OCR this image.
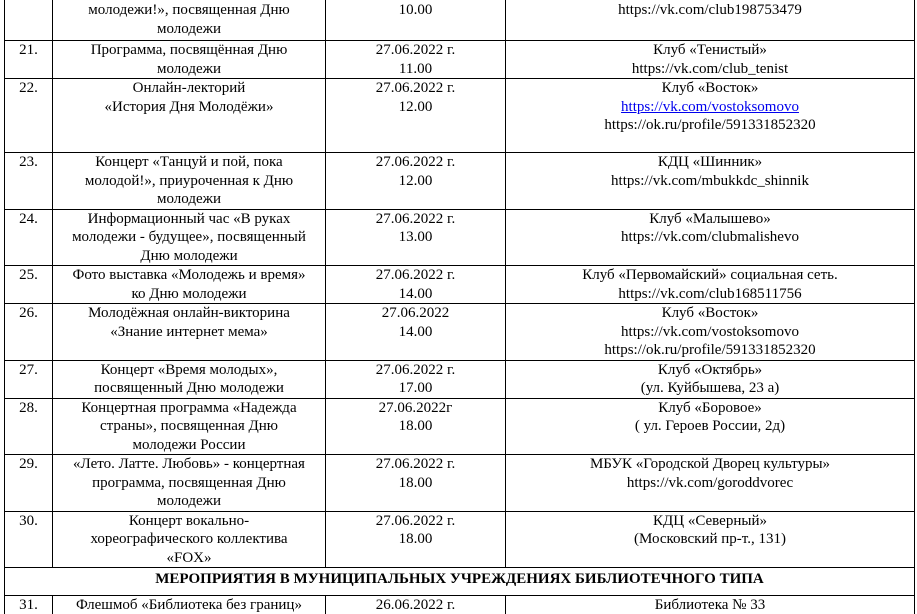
	молодежи!», посвященная Дню
молодежи	10.00	https://vk.com/club198753479

21.	Программа, посвящённая Дню
молодежи	27.06.2022 г.
11.00	Клуб «Тенистый»
https://vk.com/club_tenist

22.	Онлайн-лекторий
«История Дня Молодёжи»	27.06.2022 г.
12.00	Клуб «Восток»
https://vk.com/vostoksomovo
https://ok.ru/profile/591331852320

23.	Концерт «Танцуй и пой, пока
молодой!», приуроченная к Дню
молодежи	27.06.2022 г.
12.00	КДЦ «Шинник»
https://vk.com/mbukkdc_shinnik

24.	Информационный час «В руках
молодежи - будущее», посвященный
Дню молодежи	27.06.2022 г.
13.00	Клуб «Малышево»
https://vk.com/clubmalishevo

25.	Фото выставка «Молодежь и время»
ко Дню молодежи	27.06.2022 г.
14.00	Клуб «Первомайский» социальная сеть.
https://vk.com/club168511756

26.	Молодёжная онлайн-викторина
«Знание интернет мема»	27.06.2022
14.00	Клуб «Восток»
https://vk.com/vostoksomovo
https://ok.ru/profile/591331852320

27.	Концерт «Время молодых»,
посвященный Дню молодежи	27.06.2022 г.
17.00	Клуб «Октябрь»
(ул. Куйбышева, 23 а)

28.	Концертная программа «Надежда
страны», посвященная Дню
молодежи России	27.06.2022г
18.00	Клуб «Боровое»
( ул. Героев России, 2д)

29.	«Лето. Латте. Любовь» - концертная
программа, посвященная Дню
молодежи	27.06.2022 г.
18.00	МБУК «Городской Дворец культуры»
https://vk.com/goroddvorec

30.	Концерт вокально-
хореографического коллектива
«FOX»	27.06.2022 г.
18.00	КДЦ «Северный»
(Московский пр-т., 131)

МЕРОПРИЯТИЯ В МУНИЦИПАЛЬНЫХ УЧРЕЖДЕНИЯХ БИБЛИОТЕЧНОГО ТИПА			
31.	Флешмоб «Библиотека без границ»	26.06.2022 г.	Библиотека № 33
